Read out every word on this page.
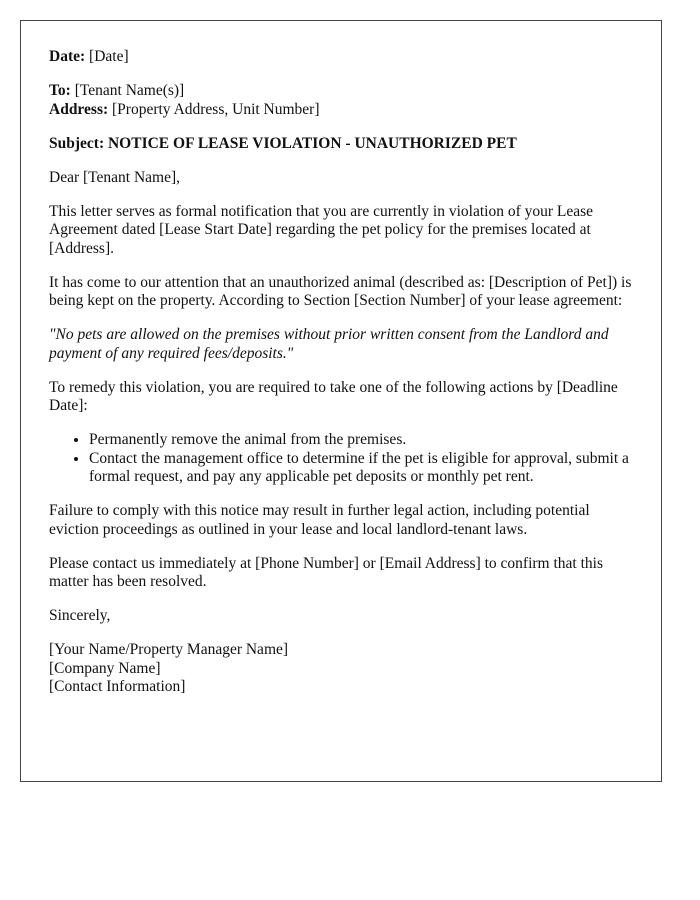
Date: [Date]

To: [Tenant Name(s)]
Address: [Property Address, Unit Number]

Subject: NOTICE OF LEASE VIOLATION - UNAUTHORIZED PET

Dear [Tenant Name],

This letter serves as formal notification that you are currently in violation of your Lease Agreement dated [Lease Start Date] regarding the pet policy for the premises located at [Address].

It has come to our attention that an unauthorized animal (described as: [Description of Pet]) is being kept on the property. According to Section [Section Number] of your lease agreement:

"No pets are allowed on the premises without prior written consent from the Landlord and payment of any required fees/deposits."

To remedy this violation, you are required to take one of the following actions by [Deadline Date]:

• Permanently remove the animal from the premises.
• Contact the management office to determine if the pet is eligible for approval, submit a formal request, and pay any applicable pet deposits or monthly pet rent.

Failure to comply with this notice may result in further legal action, including potential eviction proceedings as outlined in your lease and local landlord-tenant laws.

Please contact us immediately at [Phone Number] or [Email Address] to confirm that this matter has been resolved.

Sincerely,

[Your Name/Property Manager Name]
[Company Name]
[Contact Information]
